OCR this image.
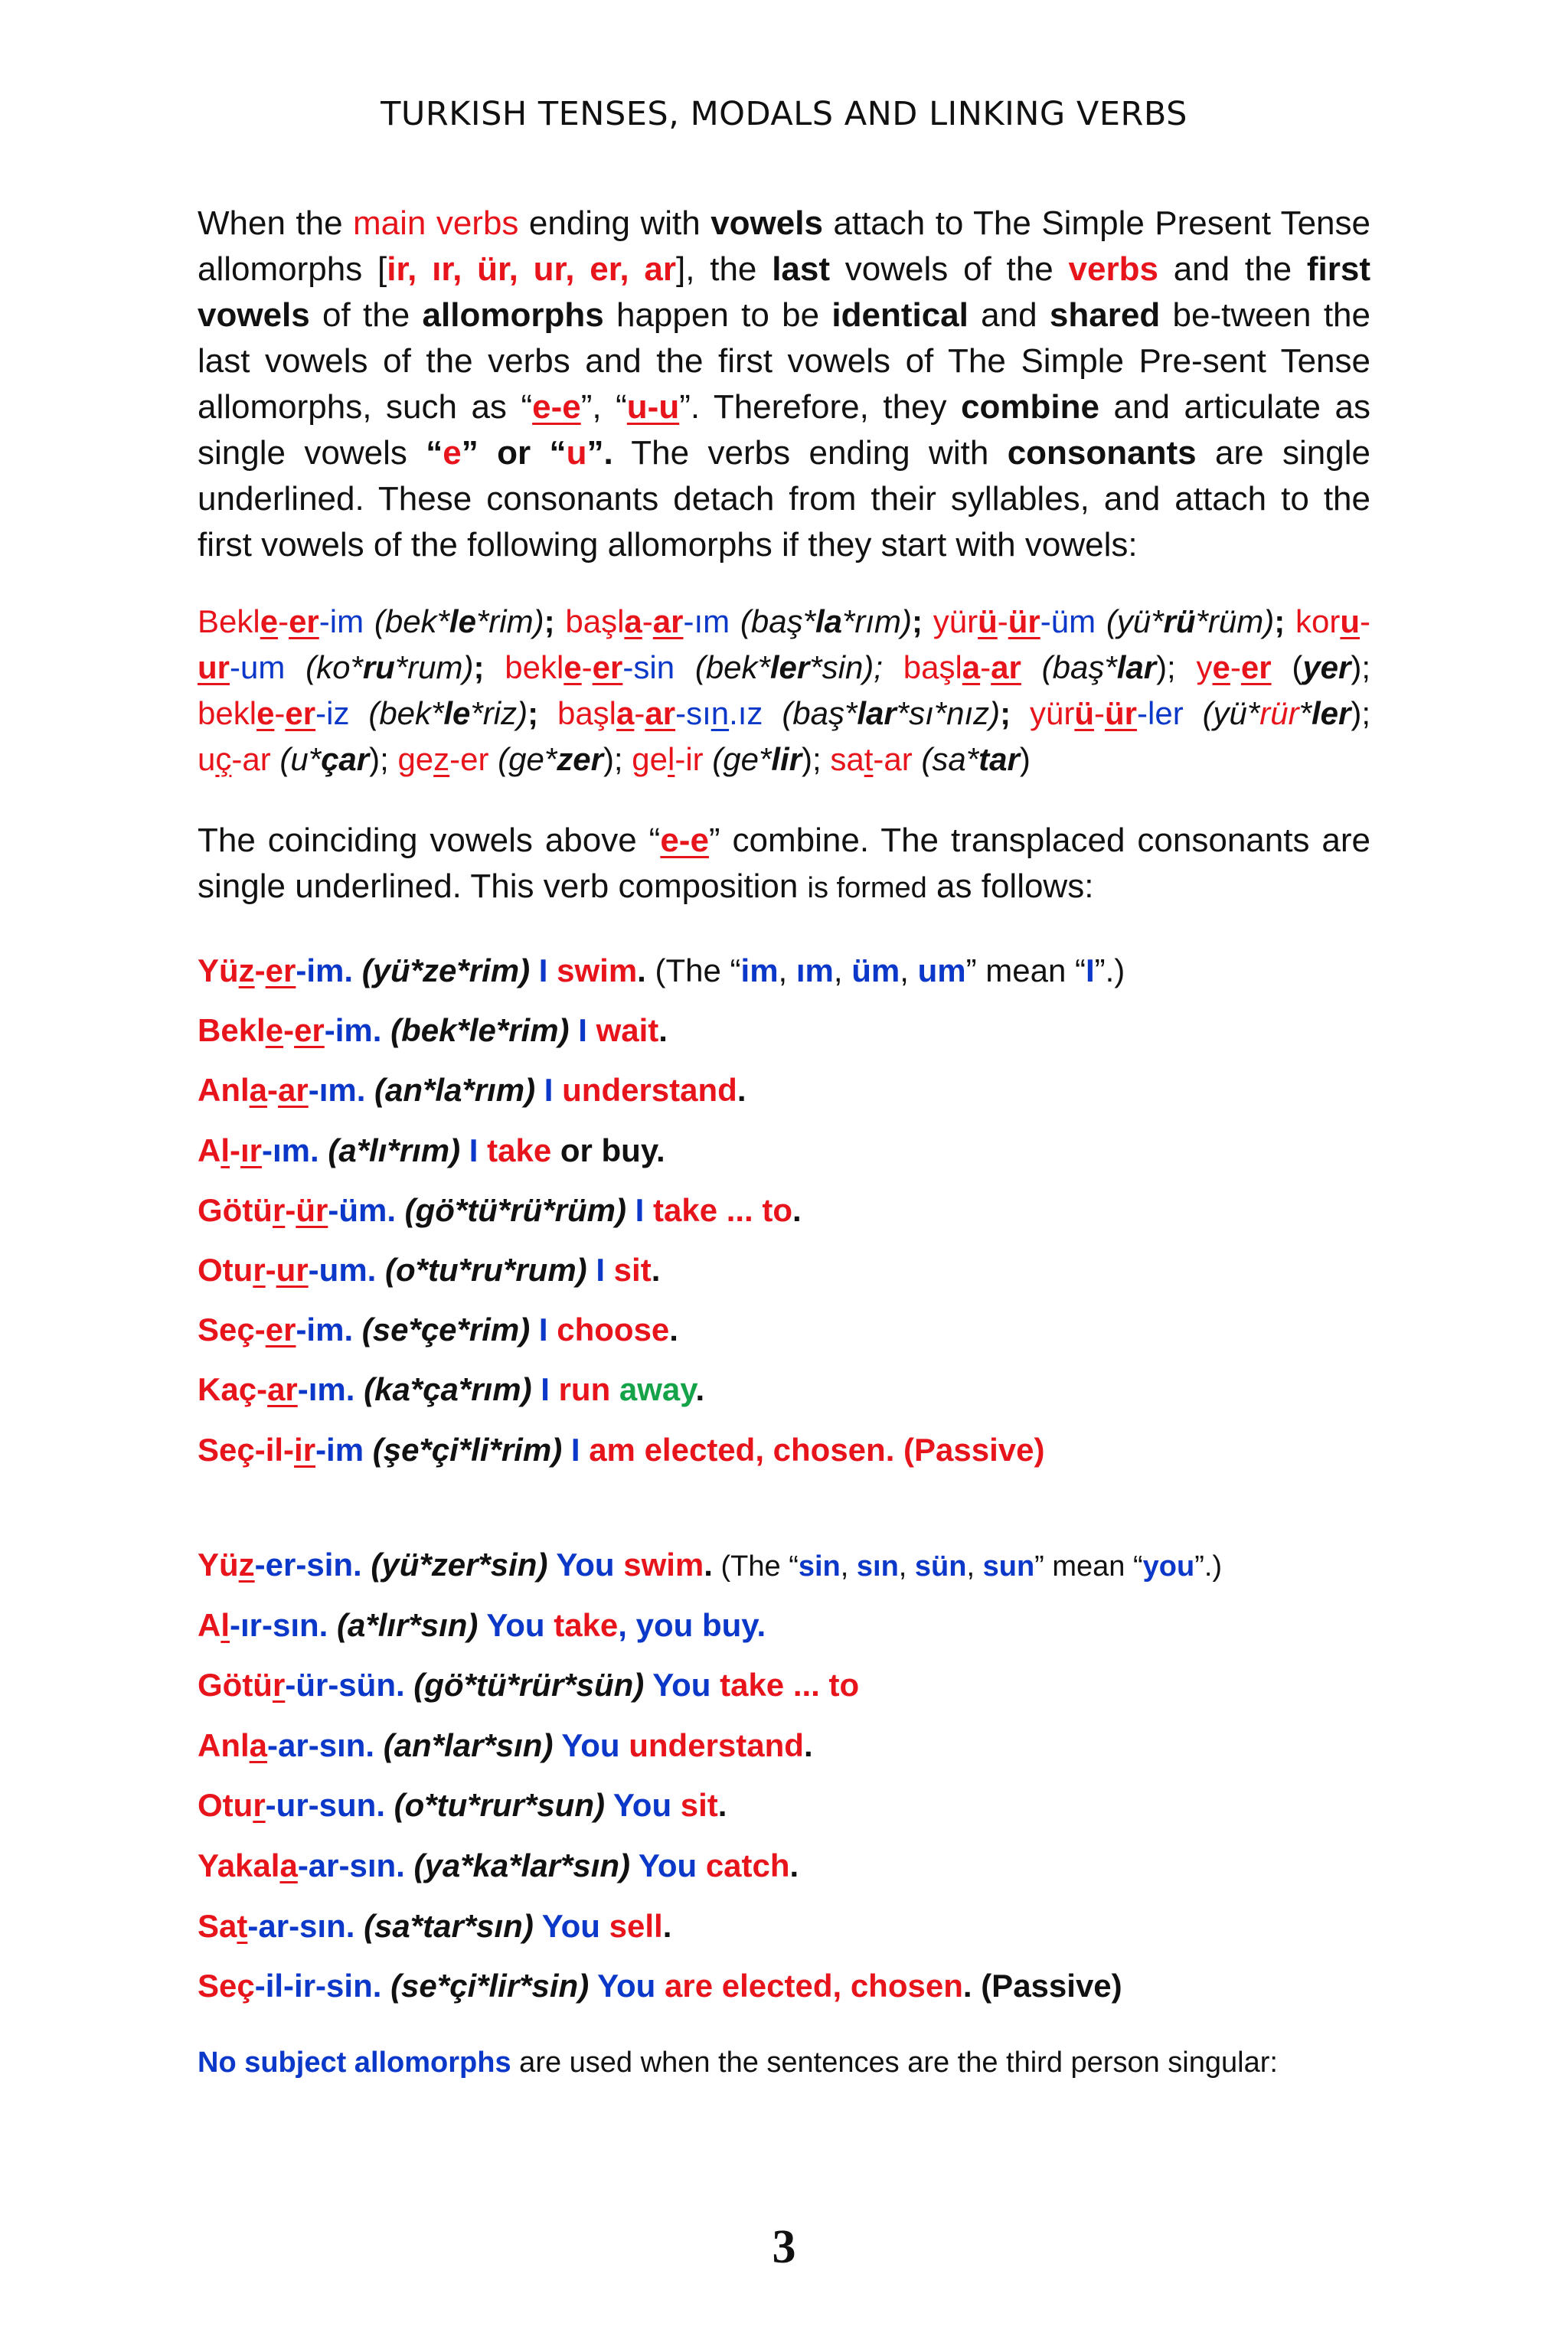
TURKISH TENSES, MODALS AND LINKING VERBS
When the main verbs ending with vowels attach to The Simple Present Tense allomorphs [ir, ır, ür, ur, er, ar], the last vowels of the verbs and the first vowels of the allomorphs happen to be identical and shared be-tween the last vowels of the verbs and the first vowels of The Simple Pre-sent Tense allomorphs, such as “e-e”, “u-u”. Therefore, they combine and articulate as single vowels “e” or “u”. The verbs ending with consonants are single underlined. These consonants detach from their syllables, and attach to the first vowels of the following allomorphs if they start with vowels:
Bekle-er-im (bek*le*rim); başla-ar-ım (baş*la*rım); yürü-ür-üm (yü*rü*rüm); koru-ur-um (ko*ru*rum); bekle-er-sin (bek*ler*sin); başla-ar (baş*lar); ye-er (yer); bekle-er-iz (bek*le*riz); başla-ar-sın.ız (baş*lar*sı*nız); yürü-ür-ler (yü*rür*ler); uç-ar (u*çar); gez-er (ge*zer); gel-ir (ge*lir); sat-ar (sa*tar)
The coinciding vowels above “e-e” combine. The transplaced consonants are single underlined. This verb composition is formed as follows:
Yüz-er-im. (yü*ze*rim) I swim. (The “im, ım, üm, um” mean “I”.)
Bekle-er-im. (bek*le*rim) I wait.
Anla-ar-ım. (an*la*rım) I understand.
Al-ır-ım. (a*lı*rım) I take or buy.
Götür-ür-üm. (gö*tü*rü*rüm) I take ... to.
Otur-ur-um. (o*tu*ru*rum) I sit.
Seç-er-im. (se*çe*rim) I choose.
Kaç-ar-ım. (ka*ça*rım) I run away.
Seç-il-ir-im (şe*çi*li*rim) I am elected, chosen. (Passive)
Yüz-er-sin. (yü*zer*sin) You swim. (The “sin, sın, sün, sun” mean “you”.)
Al-ır-sın. (a*lır*sın) You take, you buy.
Götür-ür-sün. (gö*tü*rür*sün) You take ... to
Anla-ar-sın. (an*lar*sın) You understand.
Otur-ur-sun. (o*tu*rur*sun) You sit.
Yakala-ar-sın. (ya*ka*lar*sın) You catch.
Sat-ar-sın. (sa*tar*sın) You sell.
Seç-il-ir-sin. (se*çi*lir*sin) You are elected, chosen. (Passive)
No subject allomorphs are used when the sentences are the third person singular:
3
